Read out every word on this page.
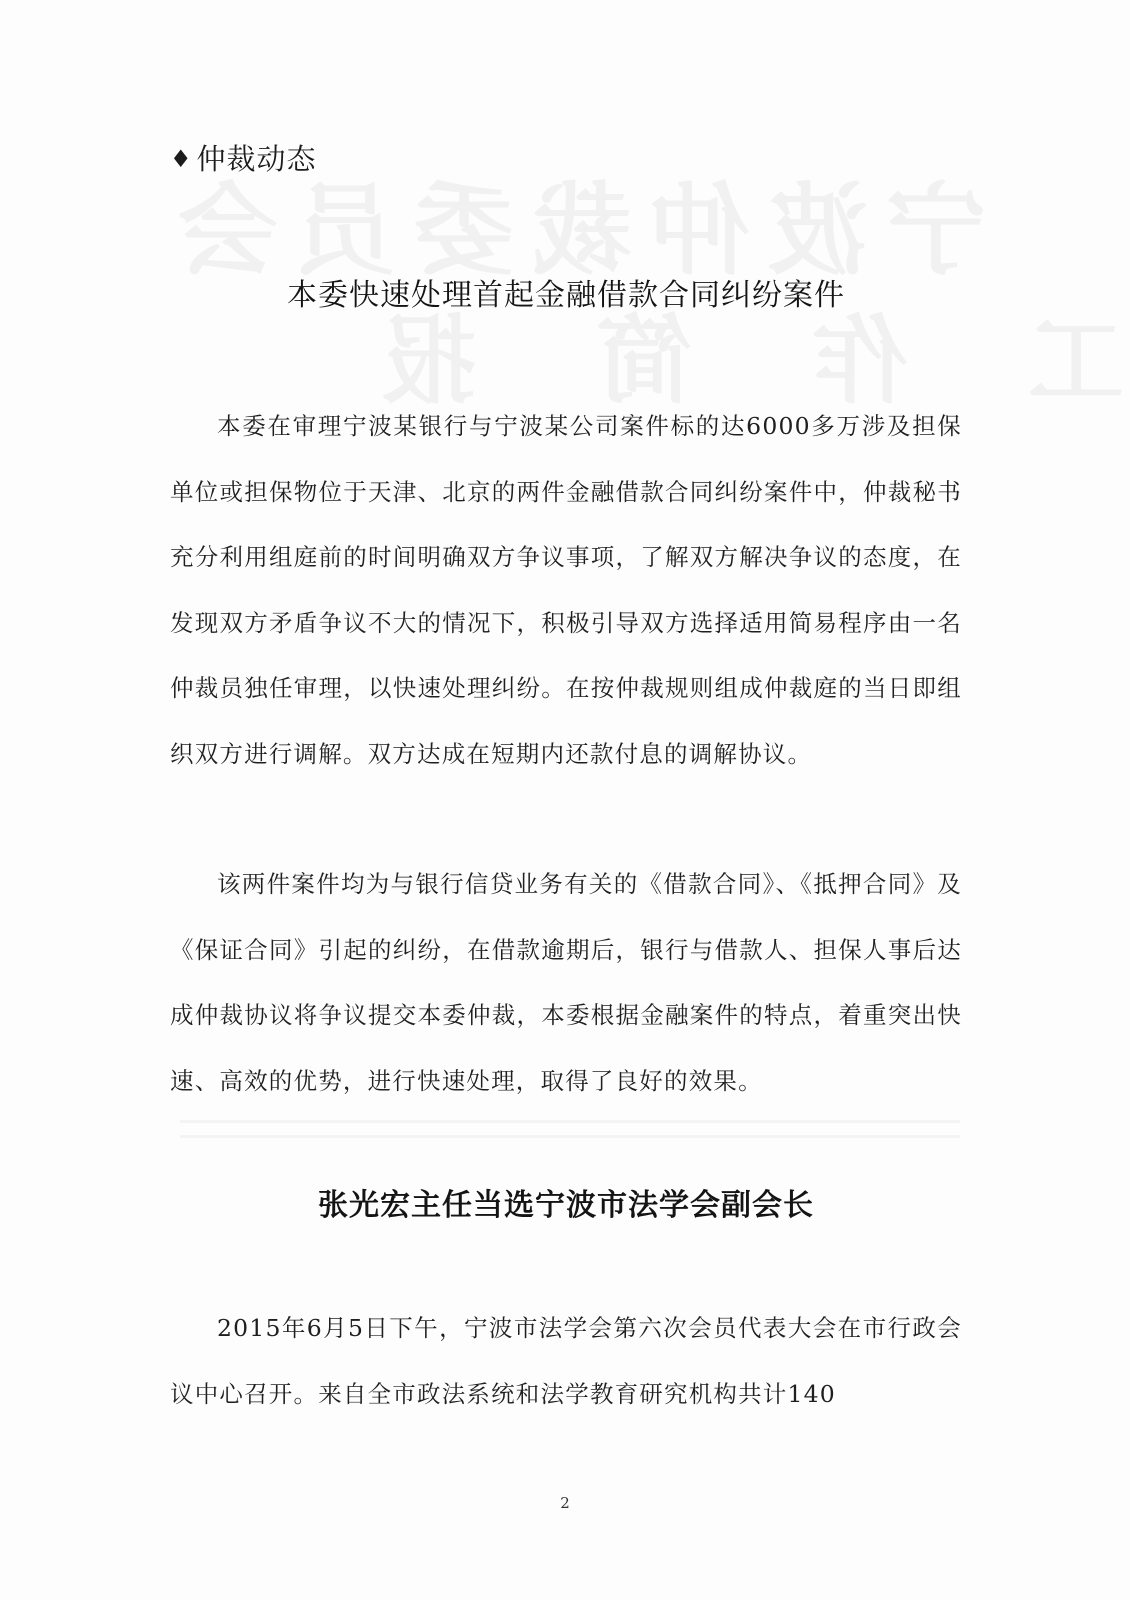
♦ 仲裁动态
本委快速处理首起金融借款合同纠纷案件

本委在审理宁波某银行与宁波某公司案件标的达6000多万涉及担保单位或担保物位于天津、北京的两件金融借款合同纠纷案件中，仲裁秘书充分利用组庭前的时间明确双方争议事项，了解双方解决争议的态度，在发现双方矛盾争议不大的情况下，积极引导双方选择适用简易程序由一名仲裁员独任审理，以快速处理纠纷。在按仲裁规则组成仲裁庭的当日即组织双方进行调解。双方达成在短期内还款付息的调解协议。

该两件案件均为与银行信贷业务有关的《借款合同》、《抵押合同》及《保证合同》引起的纠纷，在借款逾期后，银行与借款人、担保人事后达成仲裁协议将争议提交本委仲裁，本委根据金融案件的特点，着重突出快速、高效的优势，进行快速处理，取得了良好的效果。

张光宏主任当选宁波市法学会副会长

2015年6月5日下午，宁波市法学会第六次会员代表大会在市行政会议中心召开。来自全市政法系统和法学教育研究机构共计140

2
